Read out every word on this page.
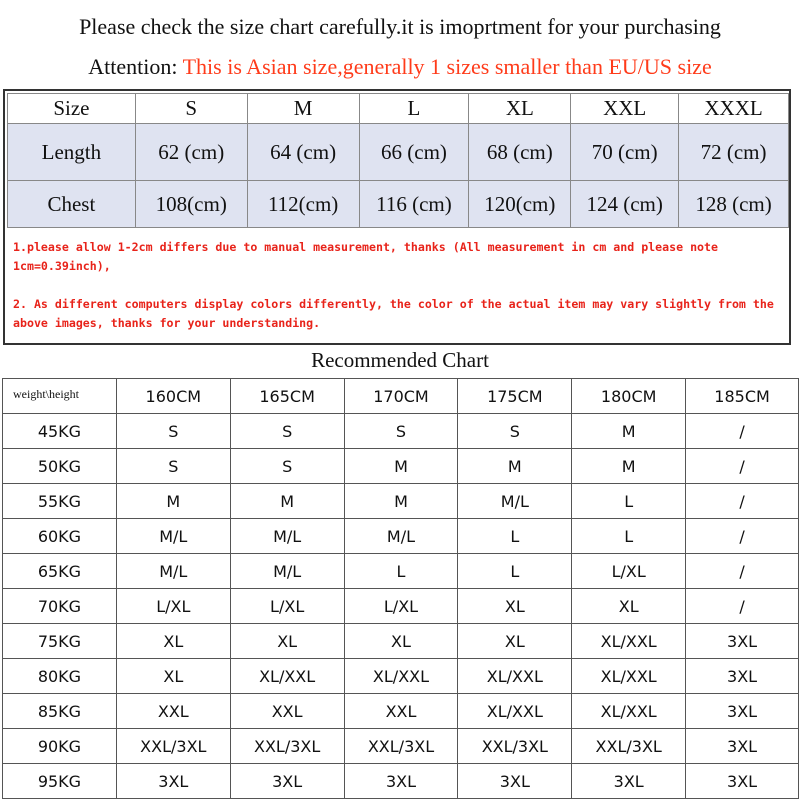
Please check the size chart carefully.it is imoprtment for your purchasing
Attention: This is Asian size,generally 1 sizes smaller than EU/US size
Size	S	M	L	XL	XXL	XXXL
Length	62 (cm)	64 (cm)	66 (cm)	68 (cm)	70 (cm)	72 (cm)
Chest	108(cm)	112(cm)	116 (cm)	120(cm)	124 (cm)	128 (cm)

1.please allow 1-2cm differs due to manual measurement, thanks (All measurement in cm and please note 1cm=0.39inch),

2. As different computers display colors differently, the color of the actual item may vary slightly from the above images, thanks for your understanding.

Recommended Chart
weight\height	160CM	165CM	170CM	175CM	180CM	185CM
45KG	S	S	S	S	M	/
50KG	S	S	M	M	M	/
55KG	M	M	M	M/L	L	/
60KG	M/L	M/L	M/L	L	L	/
65KG	M/L	M/L	L	L	L/XL	/
70KG	L/XL	L/XL	L/XL	XL	XL	/
75KG	XL	XL	XL	XL	XL/XXL	3XL
80KG	XL	XL/XXL	XL/XXL	XL/XXL	XL/XXL	3XL
85KG	XXL	XXL	XXL	XL/XXL	XL/XXL	3XL
90KG	XXL/3XL	XXL/3XL	XXL/3XL	XXL/3XL	XXL/3XL	3XL
95KG	3XL	3XL	3XL	3XL	3XL	3XL
